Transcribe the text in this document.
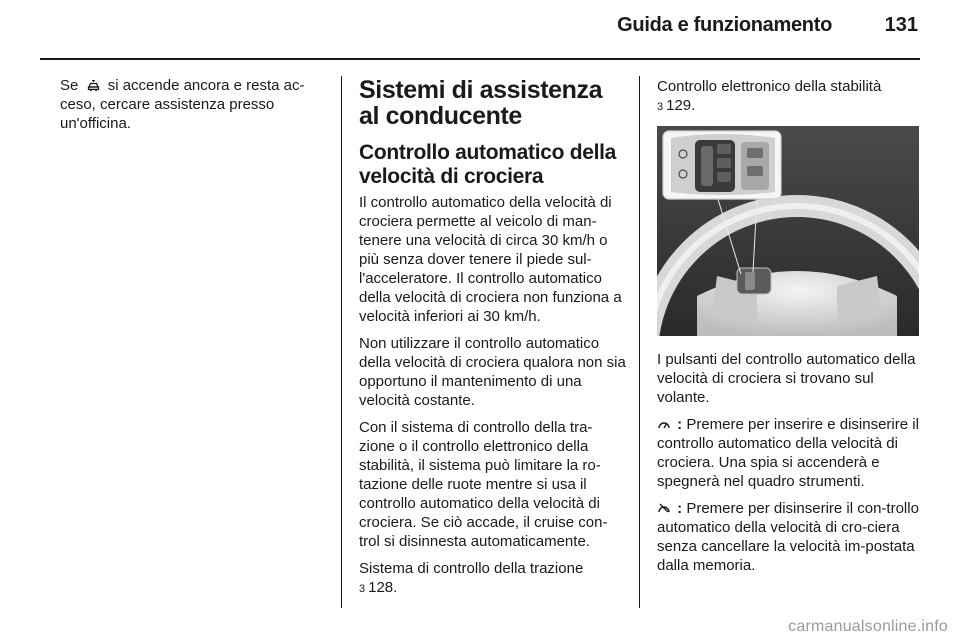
Guida e funzionamento	131

Se si accende ancora e resta ac-ceso, cercare assistenza presso un'officina.

Sistemi di assistenza al conducente
Controllo automatico della velocità di crociera

Il controllo automatico della velocità di crociera permette al veicolo di man-tenere una velocità di circa 30 km/h o più senza dover tenere il piede sul-l'acceleratore. Il controllo automatico della velocità di crociera non funziona a velocità inferiori ai 30 km/h.

Non utilizzare il controllo automatico della velocità di crociera qualora non sia opportuno il mantenimento di una velocità costante.

Con il sistema di controllo della tra-zione o il controllo elettronico della stabilità, il sistema può limitare la ro-tazione delle ruote mentre si usa il controllo automatico della velocità di crociera. Se ciò accade, il cruise con-trol si disinnesta automaticamente.

Sistema di controllo della trazione
3 128.

Controllo elettronico della stabilità
3 129.

I pulsanti del controllo automatico della velocità di crociera si trovano sul volante.

: Premere per inserire e disinserire il controllo automatico della velocità di crociera. Una spia si accenderà e spegnerà nel quadro strumenti.

: Premere per disinserire il con-trollo automatico della velocità di cro-ciera senza cancellare la velocità im-postata dalla memoria.

carmanualsonline.info
